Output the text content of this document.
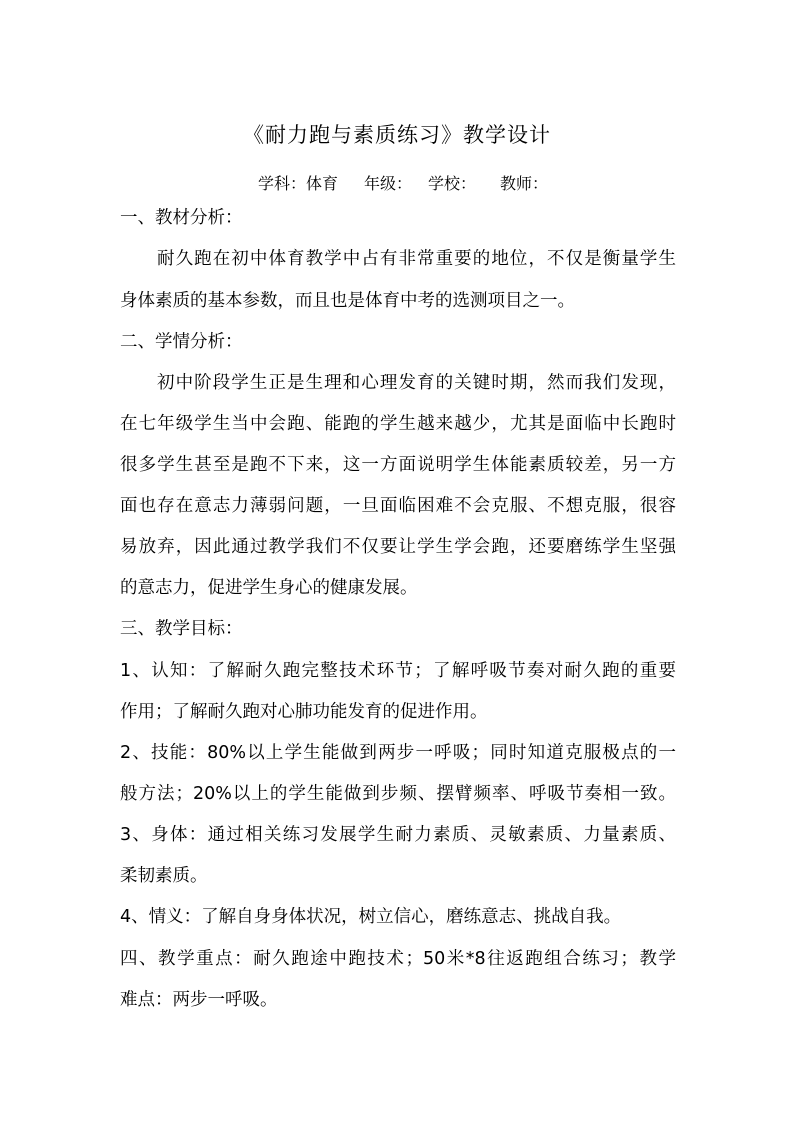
《耐力跑与素质练习》教学设计
学科：体育 年级： 学校： 教师：
一、教材分析：
耐久跑在初中体育教学中占有非常重要的地位，不仅是衡量学生
身体素质的基本参数，而且也是体育中考的选测项目之一。
二、学情分析：
初中阶段学生正是生理和心理发育的关键时期，然而我们发现，
在七年级学生当中会跑、能跑的学生越来越少，尤其是面临中长跑时
很多学生甚至是跑不下来，这一方面说明学生体能素质较差，另一方
面也存在意志力薄弱问题，一旦面临困难不会克服、不想克服，很容
易放弃，因此通过教学我们不仅要让学生学会跑，还要磨练学生坚强
的意志力，促进学生身心的健康发展。
三、教学目标：
1、认知：了解耐久跑完整技术环节；了解呼吸节奏对耐久跑的重要
作用；了解耐久跑对心肺功能发育的促进作用。
2、技能：80%以上学生能做到两步一呼吸；同时知道克服极点的一
般方法；20%以上的学生能做到步频、摆臂频率、呼吸节奏相一致。
3、身体：通过相关练习发展学生耐力素质、灵敏素质、力量素质、
柔韧素质。
4、情义：了解自身身体状况，树立信心，磨练意志、挑战自我。
四、教学重点：耐久跑途中跑技术；50米*8往返跑组合练习；教学
难点：两步一呼吸。
